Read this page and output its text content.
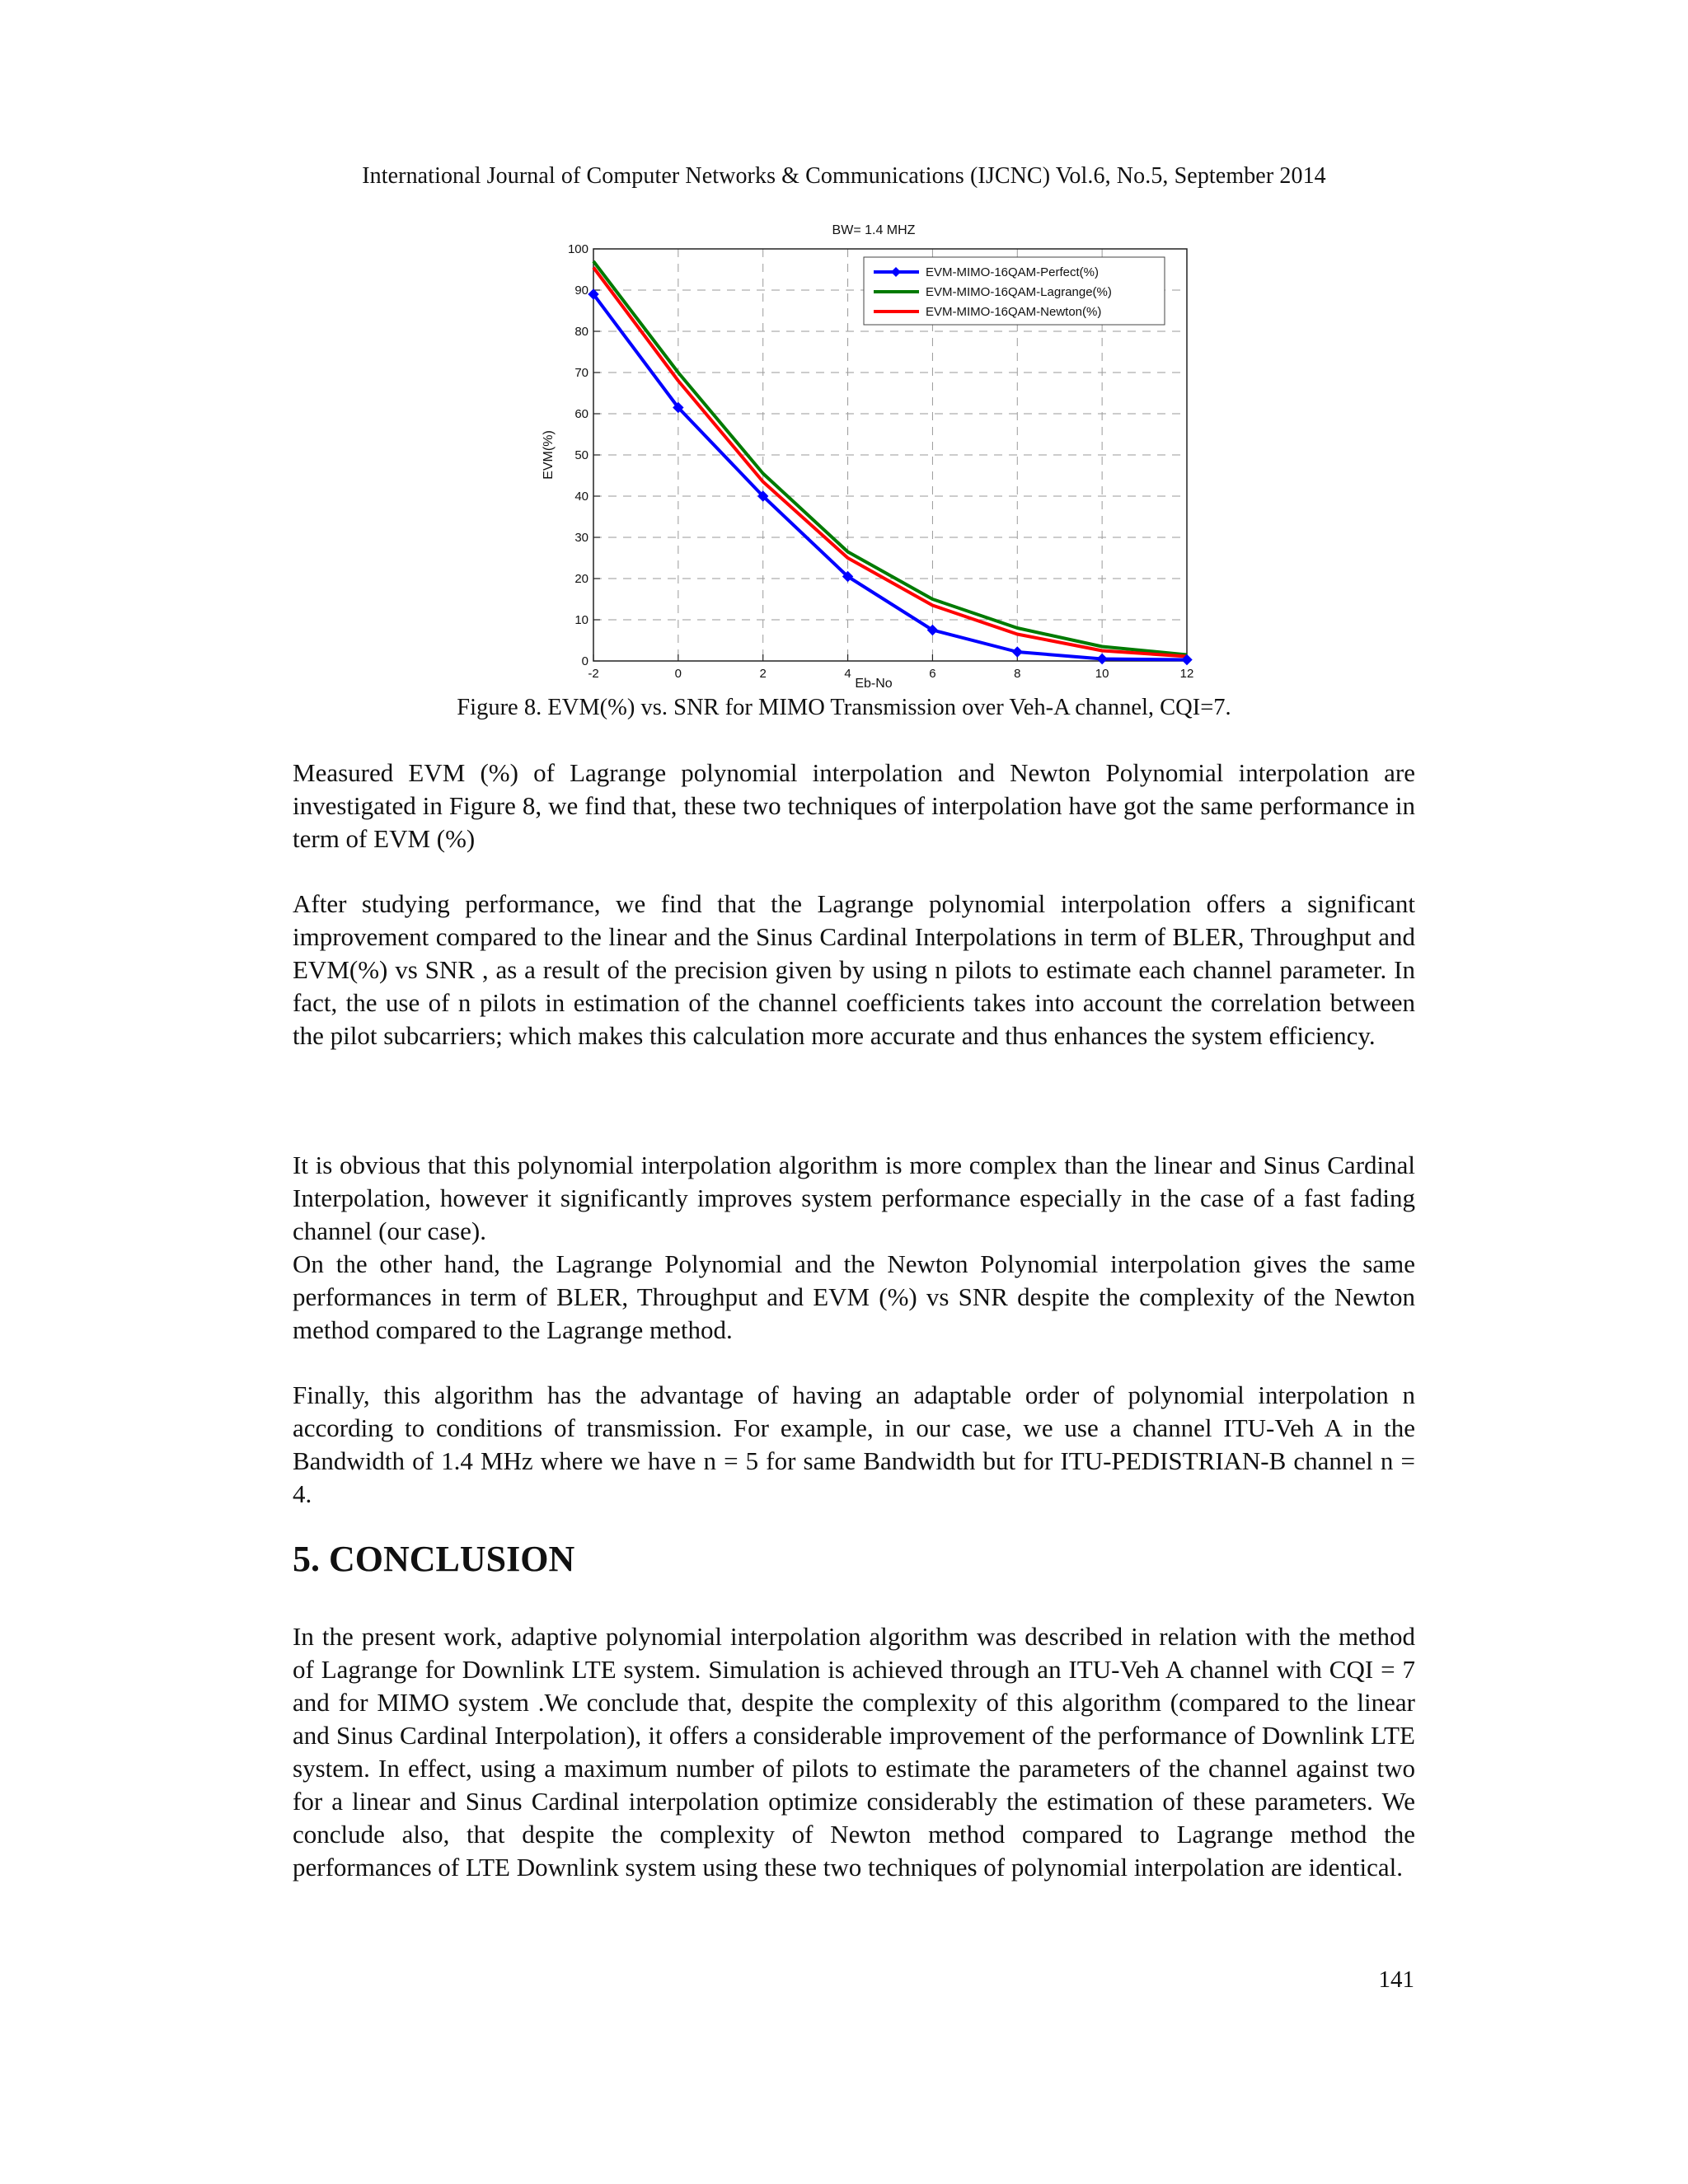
International Journal of Computer Networks & Communications (IJCNC) Vol.6, No.5, September 2014
BW= 1.4 MHZ
-2	0	2	4	6	8	10	12
0
10
20
30
40
50
60
70
80
90
100
Eb-No
EVM(%)
EVM-MIMO-16QAM-Perfect(%)
EVM-MIMO-16QAM-Lagrange(%)
EVM-MIMO-16QAM-Newton(%)
Figure 8. EVM(%) vs. SNR for MIMO Transmission over Veh-A channel, CQI=7.

Measured EVM (%) of Lagrange polynomial interpolation and Newton Polynomial interpolation are investigated in Figure 8, we find that, these two techniques of interpolation have got the same performance in term of EVM (%)

After studying performance, we find that the Lagrange polynomial interpolation offers a significant improvement compared to the linear and the Sinus Cardinal Interpolations in term of BLER, Throughput and EVM(%) vs SNR , as a result of the precision given by using n pilots to estimate each channel parameter. In fact, the use of n pilots in estimation of the channel coefficients takes into account the correlation between the pilot subcarriers; which makes this calculation more accurate and thus enhances the system efficiency.

It is obvious that this polynomial interpolation algorithm is more complex than the linear and Sinus Cardinal Interpolation, however it significantly improves system performance especially in the case of a fast fading channel (our case).

On the other hand, the Lagrange Polynomial and the Newton Polynomial interpolation gives the same performances in term of BLER, Throughput and EVM (%) vs SNR despite the complexity of the Newton method compared to the Lagrange method.

Finally, this algorithm has the advantage of having an adaptable order of polynomial interpolation n according to conditions of transmission. For example, in our case, we use a channel ITU-Veh A in the Bandwidth of 1.4 MHz where we have n = 5 for same Bandwidth but for ITU-PEDISTRIAN-B channel n = 4.

5. CONCLUSION

In the present work, adaptive polynomial interpolation algorithm was described in relation with the method of Lagrange for Downlink LTE system. Simulation is achieved through an ITU-Veh A channel with CQI = 7 and for MIMO system .We conclude that, despite the complexity of this algorithm (compared to the linear and Sinus Cardinal Interpolation), it offers a considerable improvement of the performance of Downlink LTE system. In effect, using a maximum number of pilots to estimate the parameters of the channel against two for a linear and Sinus Cardinal interpolation optimize considerably the estimation of these parameters. We conclude also, that despite the complexity of Newton method compared to Lagrange method the performances of LTE Downlink system using these two techniques of polynomial interpolation are identical.

141
